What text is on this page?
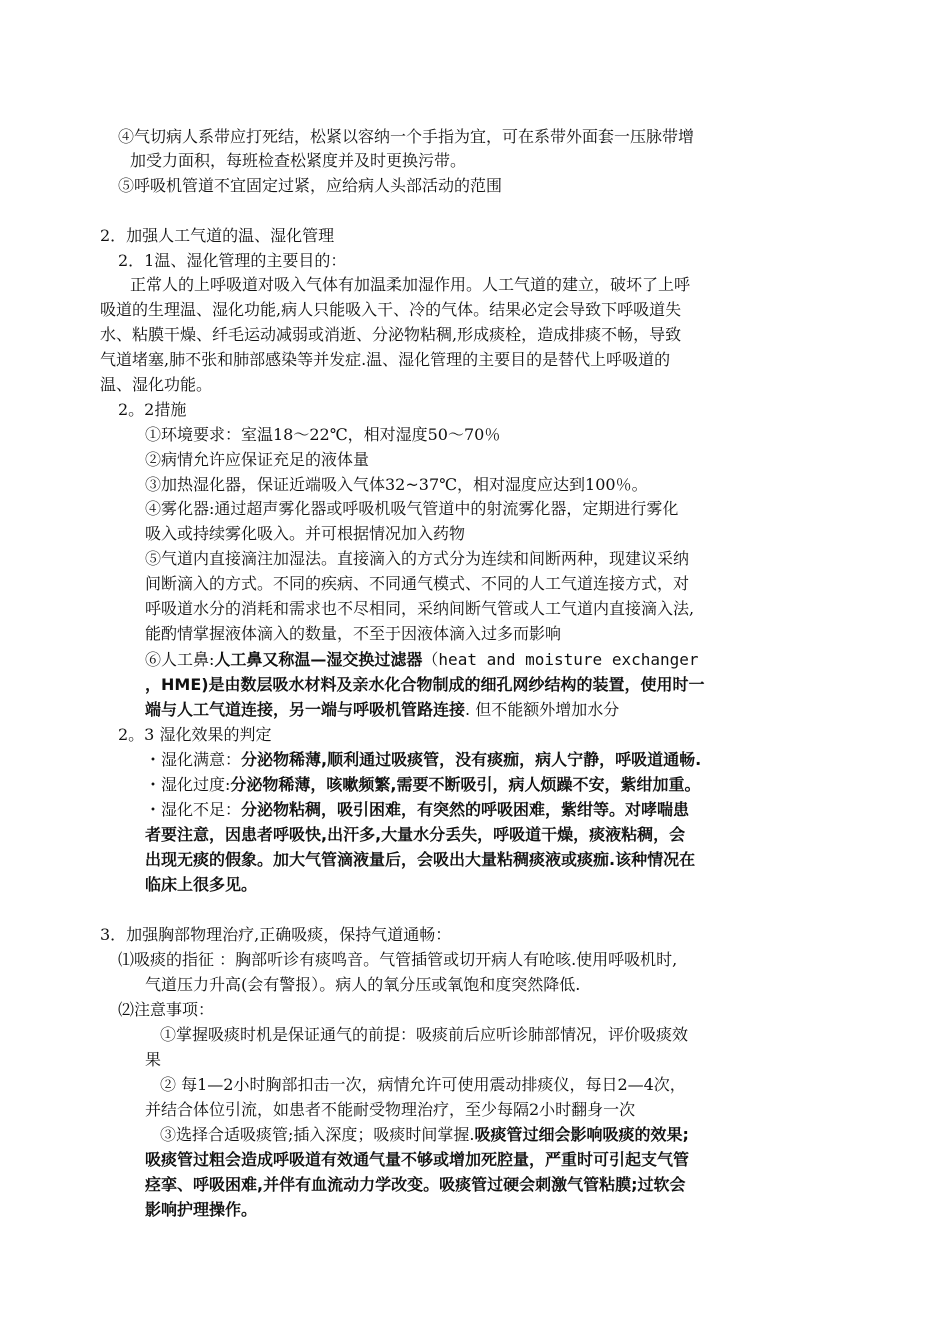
④气切病人系带应打死结，松紧以容纳一个手指为宜，可在系带外面套一压脉带增
加受力面积，每班检查松紧度并及时更换污带。
⑤呼吸机管道不宜固定过紧，应给病人头部活动的范围
2．加强人工气道的温、湿化管理
2．1温、湿化管理的主要目的：
正常人的上呼吸道对吸入气体有加温柔加湿作用。人工气道的建立，破坏了上呼
吸道的生理温、湿化功能,病人只能吸入干、冷的气体。结果必定会导致下呼吸道失
水、粘膜干燥、纤毛运动减弱或消逝、分泌物粘稠,形成痰栓，造成排痰不畅，导致
气道堵塞,肺不张和肺部感染等并发症.温、湿化管理的主要目的是替代上呼吸道的
温、湿化功能。
2。2措施
①环境要求：室温18～22℃，相对湿度50～70％
②病情允许应保证充足的液体量
③加热湿化器，保证近端吸入气体32~37℃，相对湿度应达到100％。
④雾化器:通过超声雾化器或呼吸机吸气管道中的射流雾化器，定期进行雾化
吸入或持续雾化吸入。并可根据情况加入药物
⑤气道内直接滴注加湿法。直接滴入的方式分为连续和间断两种，现建议采纳
间断滴入的方式。不同的疾病、不同通气模式、不同的人工气道连接方式，对
呼吸道水分的消耗和需求也不尽相同，采纳间断气管或人工气道内直接滴入法,
能酌情掌握液体滴入的数量，不至于因液体滴入过多而影响
⑥人工鼻:人工鼻又称温—湿交换过滤器（heat and moisture exchanger
，HME)是由数层吸水材料及亲水化合物制成的细孔网纱结构的装置，使用时一
端与人工气道连接，另一端与呼吸机管路连接. 但不能额外增加水分
2。3 湿化效果的判定
・湿化满意：分泌物稀薄,顺利通过吸痰管，没有痰痂，病人宁静，呼吸道通畅.
・湿化过度:分泌物稀薄，咳嗽频繁,需要不断吸引，病人烦躁不安，紫绀加重。
・湿化不足：分泌物粘稠，吸引困难，有突然的呼吸困难，紫绀等。对哮喘患
者要注意，因患者呼吸快,出汗多,大量水分丢失，呼吸道干燥，痰液粘稠，会
出现无痰的假象。加大气管滴液量后，会吸出大量粘稠痰液或痰痂.该种情况在
临床上很多见。
3．加强胸部物理治疗,正确吸痰，保持气道通畅：
⑴吸痰的指征 ：胸部听诊有痰鸣音。气管插管或切开病人有呛咳.使用呼吸机时,
气道压力升高(会有警报）。病人的氧分压或氧饱和度突然降低.
⑵注意事项：
①掌握吸痰时机是保证通气的前提：吸痰前后应听诊肺部情况，评价吸痰效
果
② 每1—2小时胸部扣击一次，病情允许可使用震动排痰仪，每日2—4次，
并结合体位引流，如患者不能耐受物理治疗，至少每隔2小时翻身一次
③选择合适吸痰管;插入深度；吸痰时间掌握.吸痰管过细会影响吸痰的效果;
吸痰管过粗会造成呼吸道有效通气量不够或增加死腔量，严重时可引起支气管
痉挛、呼吸困难,并伴有血流动力学改变。吸痰管过硬会刺激气管粘膜;过软会
影响护理操作。
